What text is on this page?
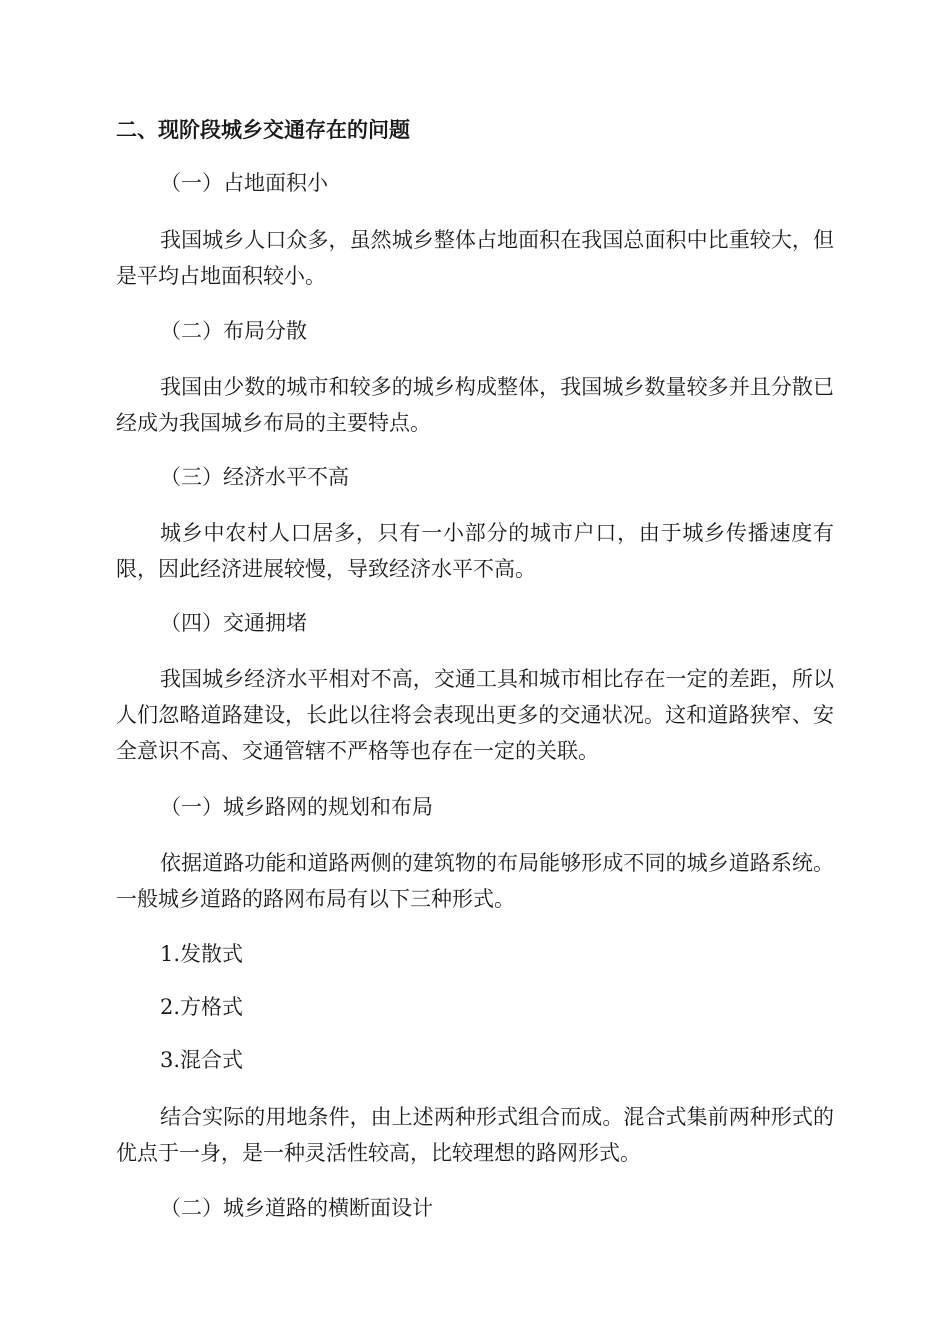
二、现阶段城乡交通存在的问题
（一）占地面积小
我国城乡人口众多，虽然城乡整体占地面积在我国总面积中比重较大，但是平均占地面积较小。
（二）布局分散
我国由少数的城市和较多的城乡构成整体，我国城乡数量较多并且分散已经成为我国城乡布局的主要特点。
（三）经济水平不高
城乡中农村人口居多，只有一小部分的城市户口，由于城乡传播速度有限，因此经济进展较慢，导致经济水平不高。
（四）交通拥堵
我国城乡经济水平相对不高，交通工具和城市相比存在一定的差距，所以人们忽略道路建设，长此以往将会表现出更多的交通状况。这和道路狭窄、安全意识不高、交通管辖不严格等也存在一定的关联。
（一）城乡路网的规划和布局
依据道路功能和道路两侧的建筑物的布局能够形成不同的城乡道路系统。一般城乡道路的路网布局有以下三种形式。
1.发散式
2.方格式
3.混合式
结合实际的用地条件，由上述两种形式组合而成。混合式集前两种形式的优点于一身，是一种灵活性较高，比较理想的路网形式。
（二）城乡道路的横断面设计
